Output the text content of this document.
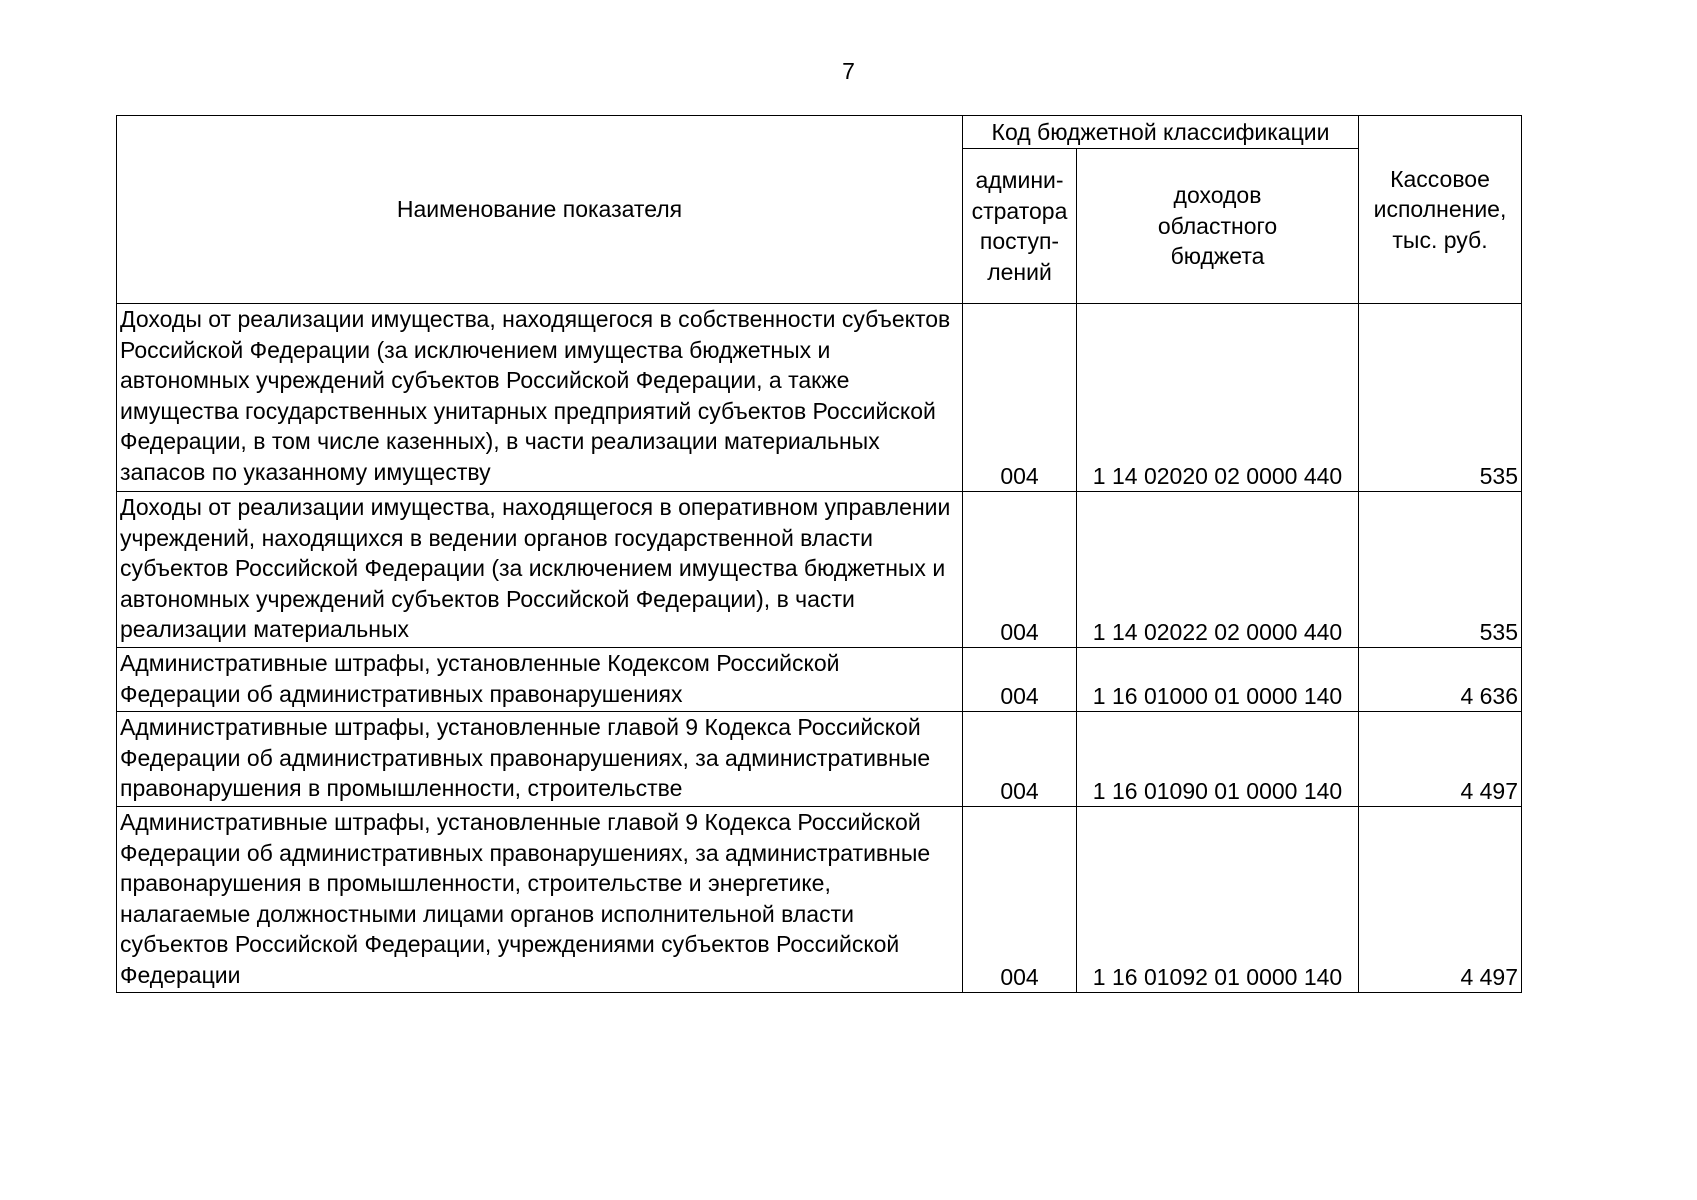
7
Наименование показателя	Код бюджетной классификации		Кассовое исполнение, тыс. руб.
	админи-стратора поступ-лений	доходов областного бюджета	
Доходы от реализации имущества, находящегося в собственности субъектов Российской Федерации (за исключением имущества бюджетных и автономных учреждений субъектов Российской Федерации, а также имущества государственных унитарных предприятий субъектов Российской Федерации, в том числе казенных), в части реализации материальных запасов по указанному имуществу	004	1 14 02020 02 0000 440	535

Доходы от реализации имущества, находящегося в оперативном управлении учреждений, находящихся в ведении органов государственной власти субъектов Российской Федерации (за исключением имущества бюджетных и автономных учреждений субъектов Российской Федерации), в части реализации материальных	004	1 14 02022 02 0000 440	535
Административные штрафы, установленные Кодексом Российской Федерации об административных правонарушениях	004	1 16 01000 01 0000 140	4 636
Административные штрафы, установленные главой 9 Кодекса Российской Федерации об административных правонарушениях, за административные правонарушения в промышленности, строительстве	004	1 16 01090 01 0000 140	4 497
Административные штрафы, установленные главой 9 Кодекса Российской Федерации об административных правонарушениях, за административные правонарушения в промышленности, строительстве и энергетике, налагаемые должностными лицами органов исполнительной власти субъектов Российской Федерации, учреждениями субъектов Российской Федерации	004	1 16 01092 01 0000 140	4 497
